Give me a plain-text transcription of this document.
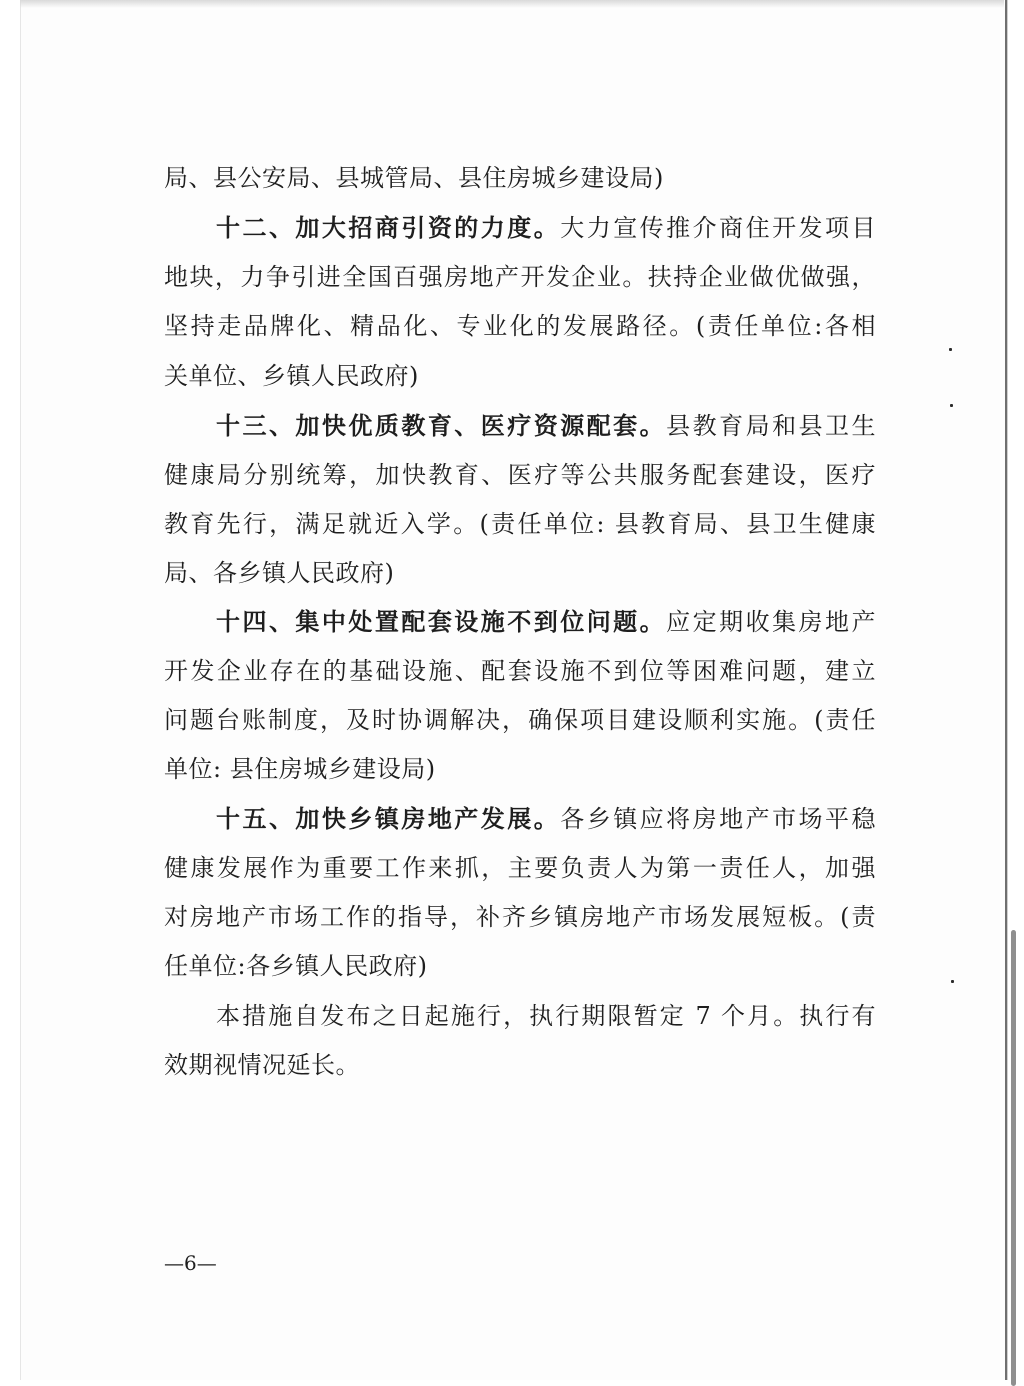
局、县公安局、县城管局、县住房城乡建设局)
十二、加大招商引资的力度。大力宣传推介商住开发项目
地块，力争引进全国百强房地产开发企业。扶持企业做优做强，
坚持走品牌化、精品化、专业化的发展路径。(责任单位:各相
关单位、乡镇人民政府)
十三、加快优质教育、医疗资源配套。县教育局和县卫生
健康局分别统筹，加快教育、医疗等公共服务配套建设，医疗
教育先行，满足就近入学。(责任单位: 县教育局、县卫生健康
局、各乡镇人民政府)
十四、集中处置配套设施不到位问题。应定期收集房地产
开发企业存在的基础设施、配套设施不到位等困难问题，建立
问题台账制度，及时协调解决，确保项目建设顺利实施。(责任
单位: 县住房城乡建设局)
十五、加快乡镇房地产发展。各乡镇应将房地产市场平稳
健康发展作为重要工作来抓，主要负责人为第一责任人，加强
对房地产市场工作的指导，补齐乡镇房地产市场发展短板。(责
任单位:各乡镇人民政府)
本措施自发布之日起施行，执行期限暂定 7 个月。执行有
效期视情况延长。
—6—
